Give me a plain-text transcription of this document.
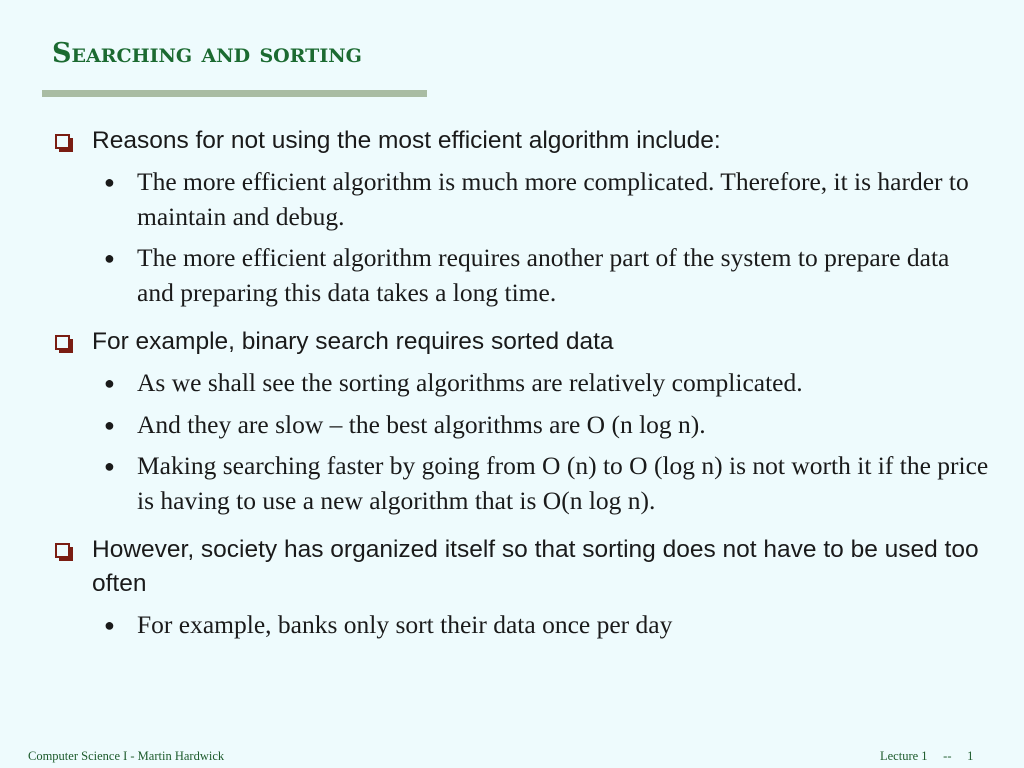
Searching and sorting
Reasons for not using the most efficient algorithm include:
● The more efficient algorithm is much more complicated. Therefore, it is harder to maintain and debug.
● The more efficient algorithm requires another part of the system to prepare data and preparing this data takes a long time.
For example, binary search requires sorted data
● As we shall see the sorting algorithms are relatively complicated.
● And they are slow – the best algorithms are O (n log n).
● Making searching faster by going from O (n) to O (log n) is not worth it if the price is having to use a new algorithm that is O(n log n).
However, society has organized itself so that sorting does not have to be used too often
● For example, banks only sort their data once per day
Computer Science I - Martin Hardwick	Lecture 1 -- 1
